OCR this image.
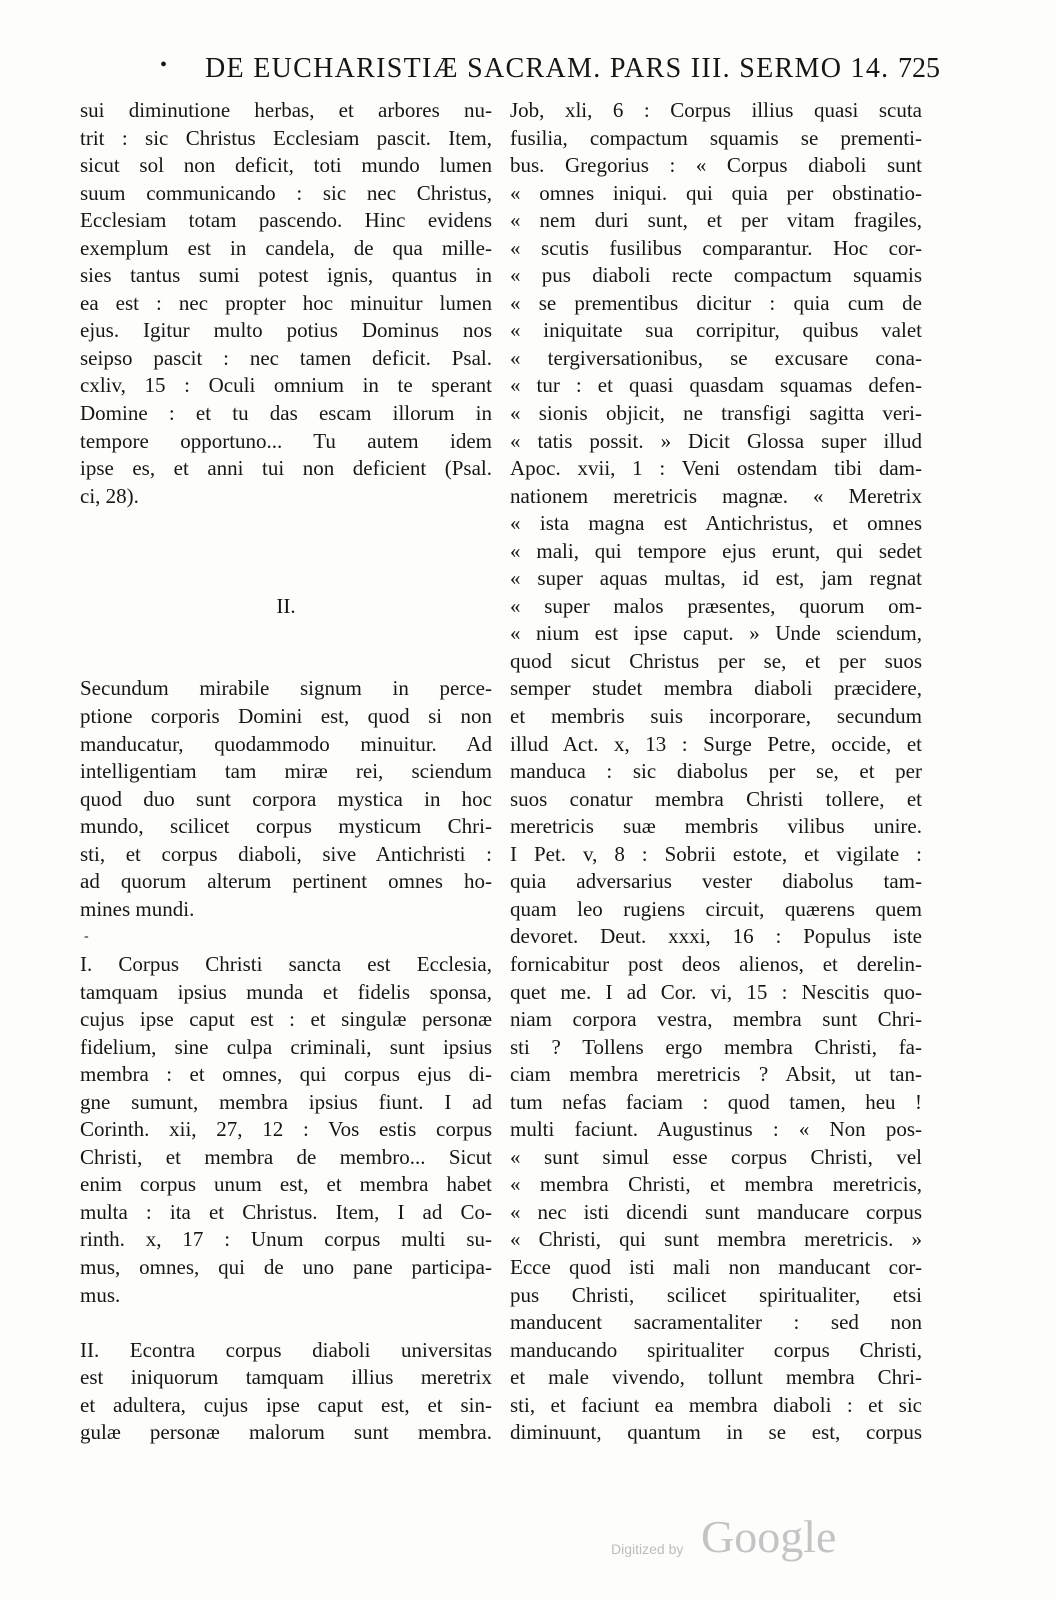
• DE EUCHARISTIÆ SACRAM. PARS III. SERMO 14. 725
sui diminutione herbas, et arbores nu-
trit : sic Christus Ecclesiam pascit. Item,
sicut sol non deficit, toti mundo lumen
suum communicando : sic nec Christus,
Ecclesiam totam pascendo. Hinc evidens
exemplum est in candela, de qua mille-
sies tantus sumi potest ignis, quantus in
ea est : nec propter hoc minuitur lumen
ejus. Igitur multo potius Dominus nos
seipso pascit : nec tamen deficit. Psal.
cxliv, 15 : Oculi omnium in te sperant
Domine : et tu das escam illorum in
tempore opportuno... Tu autem idem
ipse es, et anni tui non deficient (Psal.
ci, 28).
II.
Secundum mirabile signum in perce-
ptione corporis Domini est, quod si non
manducatur, quodammodo minuitur. Ad
intelligentiam tam miræ rei, sciendum
quod duo sunt corpora mystica in hoc
mundo, scilicet corpus mysticum Chri-
sti, et corpus diaboli, sive Antichristi :
ad quorum alterum pertinent omnes ho-
mines mundi.
-
I. Corpus Christi sancta est Ecclesia,
tamquam ipsius munda et fidelis sponsa,
cujus ipse caput est : et singulæ personæ
fidelium, sine culpa criminali, sunt ipsius
membra : et omnes, qui corpus ejus di-
gne sumunt, membra ipsius fiunt. I ad
Corinth. xii, 27, 12 : Vos estis corpus
Christi, et membra de membro... Sicut
enim corpus unum est, et membra habet
multa : ita et Christus. Item, I ad Co-
rinth. x, 17 : Unum corpus multi su-
mus, omnes, qui de uno pane participa-
mus.
II. Econtra corpus diaboli universitas
est iniquorum tamquam illius meretrix
et adultera, cujus ipse caput est, et sin-
gulæ personæ malorum sunt membra.
Job, xli, 6 : Corpus illius quasi scuta
fusilia, compactum squamis se prementi-
bus. Gregorius : « Corpus diaboli sunt
« omnes iniqui. qui quia per obstinatio-
« nem duri sunt, et per vitam fragiles,
« scutis fusilibus comparantur. Hoc cor-
« pus diaboli recte compactum squamis
« se prementibus dicitur : quia cum de
« iniquitate sua corripitur, quibus valet
« tergiversationibus, se excusare cona-
« tur : et quasi quasdam squamas defen-
« sionis objicit, ne transfigi sagitta veri-
« tatis possit. » Dicit Glossa super illud
Apoc. xvii, 1 : Veni ostendam tibi dam-
nationem meretricis magnæ. « Meretrix
« ista magna est Antichristus, et omnes
« mali, qui tempore ejus erunt, qui sedet
« super aquas multas, id est, jam regnat
« super malos præsentes, quorum om-
« nium est ipse caput. » Unde sciendum,
quod sicut Christus per se, et per suos
semper studet membra diaboli præcidere,
et membris suis incorporare, secundum
illud Act. x, 13 : Surge Petre, occide, et
manduca : sic diabolus per se, et per
suos conatur membra Christi tollere, et
meretricis suæ membris vilibus unire.
I Pet. v, 8 : Sobrii estote, et vigilate :
quia adversarius vester diabolus tam-
quam leo rugiens circuit, quærens quem
devoret. Deut. xxxi, 16 : Populus iste
fornicabitur post deos alienos, et derelin-
quet me. I ad Cor. vi, 15 : Nescitis quo-
niam corpora vestra, membra sunt Chri-
sti ? Tollens ergo membra Christi, fa-
ciam membra meretricis ? Absit, ut tan-
tum nefas faciam : quod tamen, heu !
multi faciunt. Augustinus : « Non pos-
« sunt simul esse corpus Christi, vel
« membra Christi, et membra meretricis,
« nec isti dicendi sunt manducare corpus
« Christi, qui sunt membra meretricis. »
Ecce quod isti mali non manducant cor-
pus Christi, scilicet spiritualiter, etsi
manducent sacramentaliter : sed non
manducando spiritualiter corpus Christi,
et male vivendo, tollunt membra Chri-
sti, et faciunt ea membra diaboli : et sic
diminuunt, quantum in se est, corpus
Digitized by Google
